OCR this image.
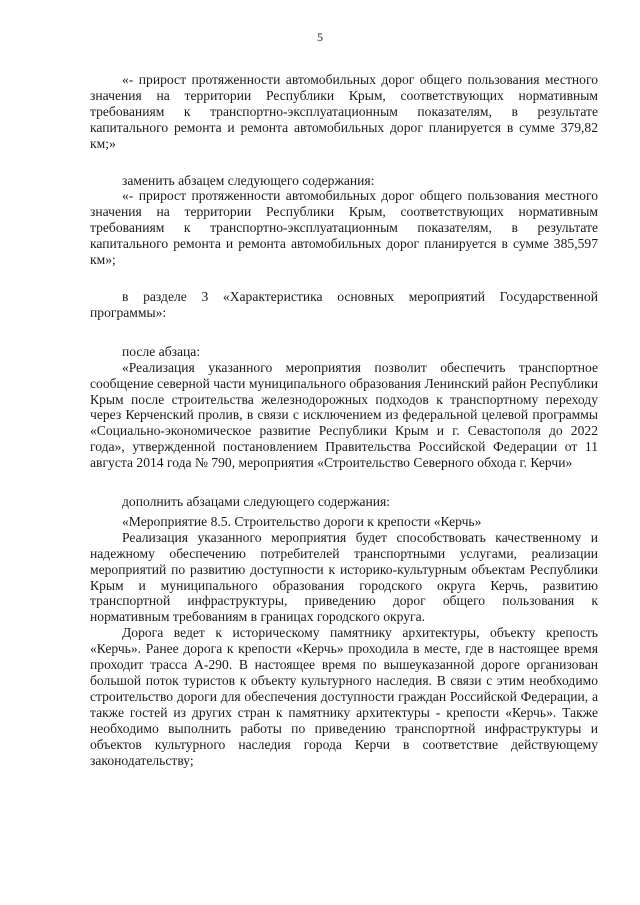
5

«- прирост протяженности автомобильных дорог общего пользования местного значения на территории Республики Крым, соответствующих нормативным требованиям к транспортно-эксплуатационным показателям, в результате капитального ремонта и ремонта автомобильных дорог планируется в сумме 379,82 км;»

заменить абзацем следующего содержания:

«- прирост протяженности автомобильных дорог общего пользования местного значения на территории Республики Крым, соответствующих нормативным требованиям к транспортно-эксплуатационным показателям, в результате капитального ремонта и ремонта автомобильных дорог планируется в сумме 385,597 км»;

в разделе 3 «Характеристика основных мероприятий Государственной программы»:

после абзаца:

«Реализация указанного мероприятия позволит обеспечить транспортное сообщение северной части муниципального образования Ленинский район Республики Крым после строительства железнодорожных подходов к транспортному переходу через Керченский пролив, в связи с исключением из федеральной целевой программы «Социально-экономическое развитие Республики Крым и г. Севастополя до 2022 года», утвержденной постановлением Правительства Российской Федерации от 11 августа 2014 года № 790, мероприятия «Строительство Северного обхода г. Керчи»

дополнить абзацами следующего содержания:

«Мероприятие 8.5. Строительство дороги к крепости «Керчь»

Реализация указанного мероприятия будет способствовать качественному и надежному обеспечению потребителей транспортными услугами, реализации мероприятий по развитию доступности к историко-культурным объектам Республики Крым и муниципального образования городского округа Керчь, развитию транспортной инфраструктуры, приведению дорог общего пользования к нормативным требованиям в границах городского округа.

Дорога ведет к историческому памятнику архитектуры, объекту крепость «Керчь». Ранее дорога к крепости «Керчь» проходила в месте, где в настоящее время проходит трасса А-290. В настоящее время по вышеуказанной дороге организован большой поток туристов к объекту культурного наследия. В связи с этим необходимо строительство дороги для обеспечения доступности граждан Российской Федерации, а также гостей из других стран к памятнику архитектуры - крепости «Керчь». Также необходимо выполнить работы по приведению транспортной инфраструктуры и объектов культурного наследия города Керчи в соответствие действующему законодательству;
